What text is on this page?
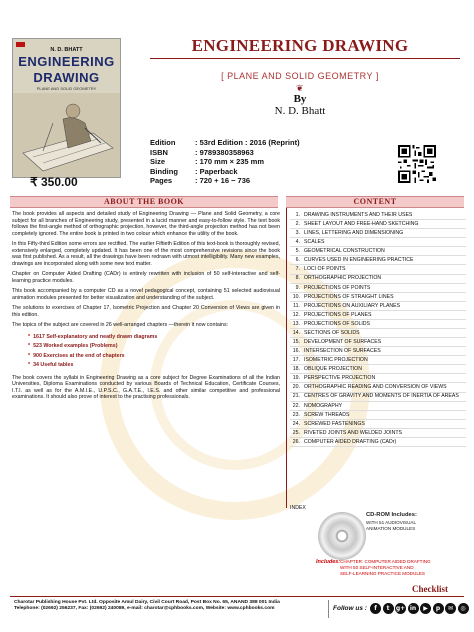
N. D. BHATT
ENGINEERING
DRAWING
PLANE AND SOLID GEOMETRY
₹ 350.00
ENGINEERING DRAWING
[ PLANE AND SOLID GEOMETRY ]
❦
By
N. D. Bhatt
Edition	: 53rd Edition : 2016 (Reprint)
ISBN	: 9789380358963
Size	: 170 mm × 235 mm
Binding	: Paperback
Pages	: 720 + 16 − 736
ABOUT THE BOOK	CONTENT

The book provides all aspects and detailed study of Engineering Drawing — Plane and Solid Geometry, a core subject for all branches of Engineering study, presented in a lucid manner and easy-to-follow style. The text book follows the first-angle method of orthographic projection, however, the third-angle projection method has not been completely ignored. The entire book is printed in two colour which enhance the utility of the book.

In this Fifty-third Edition some errors are rectified. The earlier Fiftieth Edition of this text-book is thoroughly revised, extensively enlarged, completely updated. It has been one of the most comprehensive revisions since the book was first published. As a result, all the drawings have been redrawn with utmost intelligibility. Many new examples, drawings are incorporated along with some new text matter.

Chapter on Computer Aided Drafting (CADr) is entirely rewritten with inclusion of 50 self-interactive and self-learning practice modules.

This book accompanied by a computer CD as a novel pedagogical concept, containing 51 selected audiovisual animation modules presented for better visualization and understanding of the subject.

The solutions to exercises of Chapter 17, Isometric Projection and Chapter 20 Conversion of Views are given in this edition.

The topics of the subject are covered in 26 well-arranged chapters —therein it now contains:

* 1617 Self-explanatory and neatly drawn diagrams
* 523 Worked examples (Problems)
* 900 Exercises at the end of chapters
* 34 Useful tables

The book covers the syllabi in Engineering Drawing as a core subject for Degree Examinations of all the Indian Universities, Diploma Examinations conducted by various Boards of Technical Education, Certificate Courses, I.T.I. as well as for the A.M.I.E., U.P.S.C., G.A.T.E., I.E.S. and other similar competitive and professional examinations. It should also prove of interest to the practising professionals.

1. DRAWING INSTRUMENTS AND THEIR USES
2. SHEET LAYOUT AND FREE-HAND SKETCHING
3. LINES, LETTERING AND DIMENSIONING
4. SCALES
5. GEOMETRICAL CONSTRUCTION
6. CURVES USED IN ENGINEERING PRACTICE
7. LOCI OF POINTS
8. ORTHOGRAPHIC PROJECTION
9. PROJECTIONS OF POINTS
10. PROJECTIONS OF STRAIGHT LINES
11. PROJECTIONS ON AUXILIARY PLANES
12. PROJECTIONS OF PLANES
13. PROJECTIONS OF SOLIDS
14. SECTIONS OF SOLIDS
15. DEVELOPMENT OF SURFACES
16. INTERSECTION OF SURFACES
17. ISOMETRIC PROJECTION
18. OBLIQUE PROJECTION
19. PERSPECTIVE PROJECTION
20. ORTHOGRAPHIC READING AND CONVERSION OF VIEWS
21. CENTRES OF GRAVITY AND MOMENTS OF INERTIA OF AREAS
22. NOMOGRAPHY
23. SCREW THREADS
24. SCREWED FASTENINGS
25. RIVETED JOINTS AND WELDED JOINTS
26. COMPUTER AIDED DRAFTING (CADr)
INDEX
CD-ROM Includes:
WITH 51 AUDIOVISUAL
ANIMATION MODULES
Includes: CHAPTER: COMPUTER AIDED DRAFTING
WITH 50 SELF-INTERACTIVE AND
SELF-LEARNING PRACTICE MODULES
Checklist
Charotar Publishing House Pvt. Ltd. Opposite Amul Dairy, Civil Court Road, Post Box No. 65, ANAND 388 001 India
Telephone: (02692) 256237, Fax: (02692) 240089, e-mail: charotar@cphbooks.com, Website: www.cphbooks.com	Follow us :	f	t	g+ in	▶	p	✉	◎
